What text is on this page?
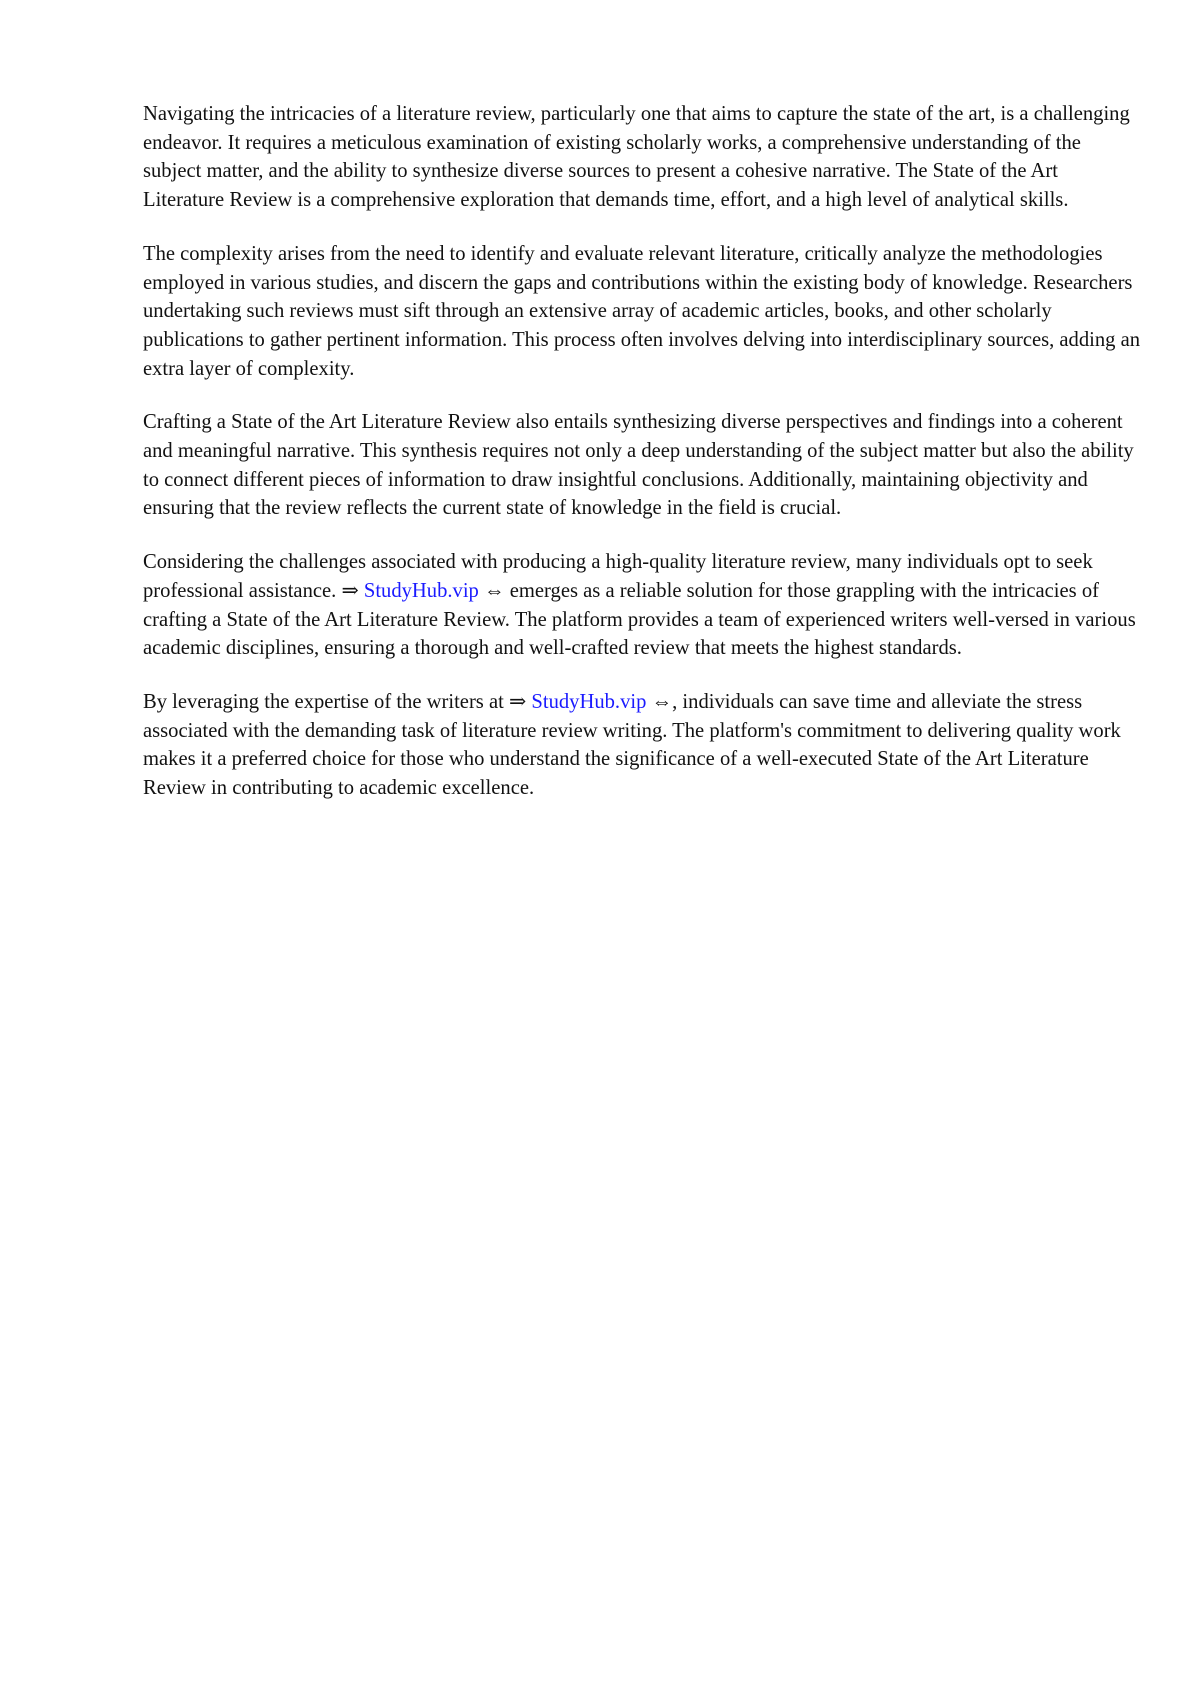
Navigating the intricacies of a literature review, particularly one that aims to capture the state of the art, is a challenging endeavor. It requires a meticulous examination of existing scholarly works, a comprehensive understanding of the subject matter, and the ability to synthesize diverse sources to present a cohesive narrative. The State of the Art Literature Review is a comprehensive exploration that demands time, effort, and a high level of analytical skills.

The complexity arises from the need to identify and evaluate relevant literature, critically analyze the methodologies employed in various studies, and discern the gaps and contributions within the existing body of knowledge. Researchers undertaking such reviews must sift through an extensive array of academic articles, books, and other scholarly publications to gather pertinent information. This process often involves delving into interdisciplinary sources, adding an extra layer of complexity.

Crafting a State of the Art Literature Review also entails synthesizing diverse perspectives and findings into a coherent and meaningful narrative. This synthesis requires not only a deep understanding of the subject matter but also the ability to connect different pieces of information to draw insightful conclusions. Additionally, maintaining objectivity and ensuring that the review reflects the current state of knowledge in the field is crucial.

Considering the challenges associated with producing a high-quality literature review, many individuals opt to seek professional assistance. ⇒ StudyHub.vip ⇔ emerges as a reliable solution for those grappling with the intricacies of crafting a State of the Art Literature Review. The platform provides a team of experienced writers well-versed in various academic disciplines, ensuring a thorough and well-crafted review that meets the highest standards.

By leveraging the expertise of the writers at ⇒ StudyHub.vip ⇔, individuals can save time and alleviate the stress associated with the demanding task of literature review writing. The platform's commitment to delivering quality work makes it a preferred choice for those who understand the significance of a well-executed State of the Art Literature Review in contributing to academic excellence.
